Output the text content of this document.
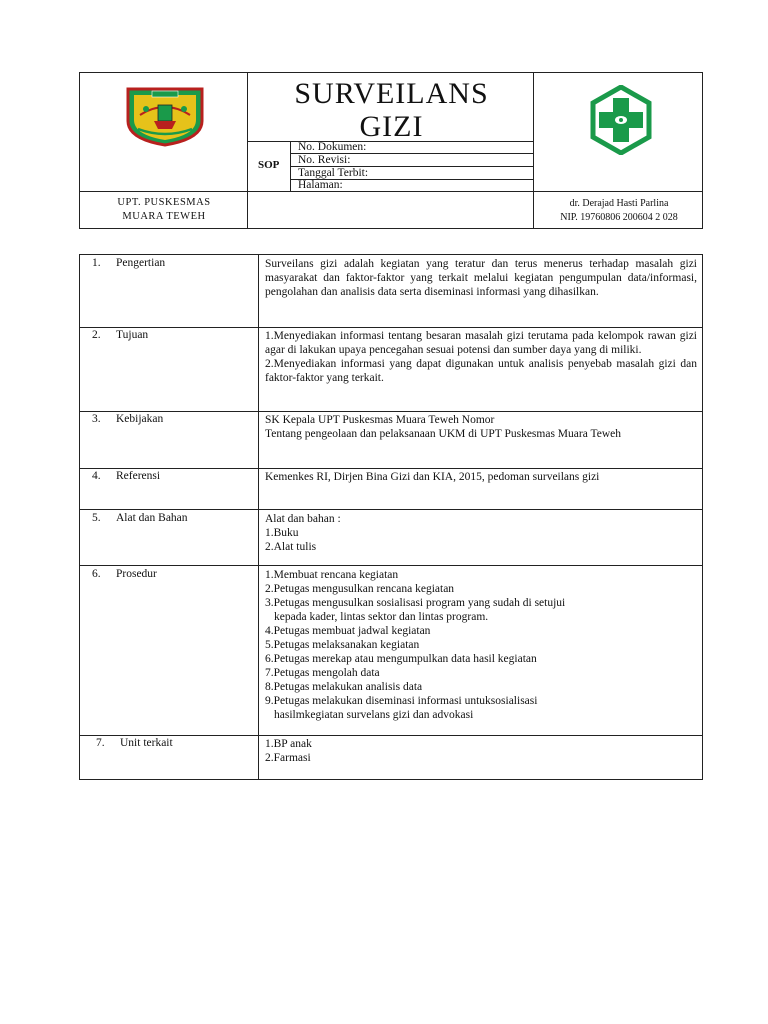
SURVEILANS
GIZI
SOP
No. Dokumen:
No. Revisi:
Tanggal Terbit:
Halaman:
UPT. PUSKESMAS
MUARA TEWEH
dr. Derajad Hasti Parlina
NIP. 19760806 200604 2 028
1. Pengertian	Surveilans gizi adalah kegiatan yang teratur dan terus menerus terhadap masalah gizi masyarakat dan faktor-faktor yang terkait melalui kegiatan pengumpulan data/informasi, pengolahan dan analisis data serta diseminasi informasi yang dihasilkan.
2. Tujuan	1.Menyediakan informasi tentang besaran masalah gizi terutama pada kelompok rawan gizi agar di lakukan upaya pencegahan sesuai potensi dan sumber daya yang di miliki.
2.Menyediakan informasi yang dapat digunakan untuk analisis penyebab masalah gizi dan faktor-faktor yang terkait.
3. Kebijakan	SK Kepala UPT Puskesmas Muara Teweh Nomor
Tentang pengeolaan dan pelaksanaan UKM di UPT Puskesmas Muara Teweh
4. Referensi	Kemenkes RI, Dirjen Bina Gizi dan KIA, 2015, pedoman surveilans gizi
5. Alat dan Bahan	Alat dan bahan :
1.Buku
2.Alat tulis
6. Prosedur	1.Membuat rencana kegiatan
2.Petugas mengusulkan rencana kegiatan
3.Petugas mengusulkan sosialisasi program yang sudah di setujui
kepada kader, lintas sektor dan lintas program.
4.Petugas membuat jadwal kegiatan
5.Petugas melaksanakan kegiatan
6.Petugas merekap atau mengumpulkan data hasil kegiatan
7.Petugas mengolah data
8.Petugas melakukan analisis data
9.Petugas melakukan diseminasi informasi untuksosialisasi
hasilmkegiatan survelans gizi dan advokasi
7. Unit terkait	1.BP anak
2.Farmasi
